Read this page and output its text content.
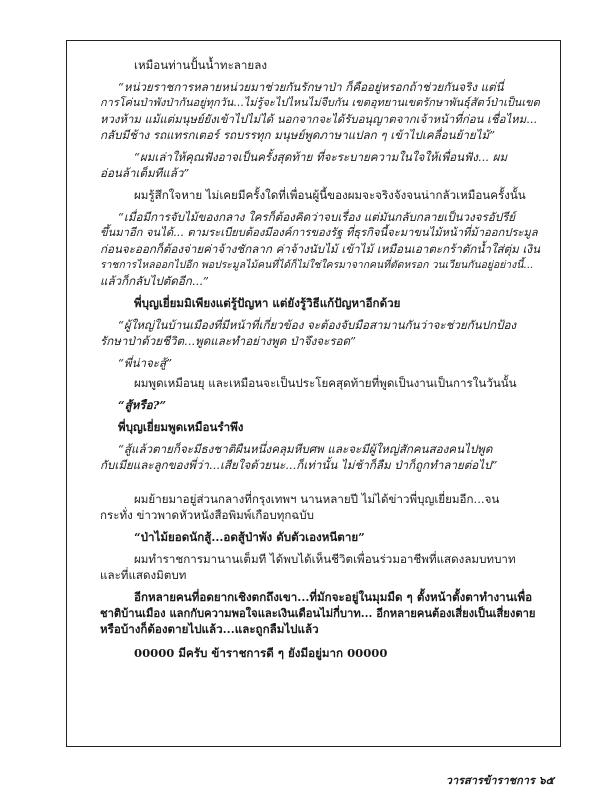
เหมือนท่านปั้นน้ำทะลายลง
“หน่วยราชการหลายหน่วยมาช่วยกันรักษาป่า ก็คืออยู่หรอกถ้าช่วยกันจริง แต่นี่
การโค่นป่าพังป่ากันอยู่ทุกวัน...ไม่รู้จะไปไหนไม่จีบกัน เขตอุทยานเขตรักษาพันธุ์สัตว์ป่าเป็นเขต
หวงห้าม แม้แต่มนุษย์ยังเข้าไปไม่ได้ นอกจากจะได้รับอนุญาตจากเจ้าหน้าที่ก่อน เชื่อไหม...
กลับมีช้าง รถแทรกเตอร์ รถบรรทุก มนุษย์พูดภาษาแปลก ๆ เข้าไปเคลื่อนย้ายไม้”
“ผมเล่าให้คุณฟังอาจเป็นครั้งสุดท้าย ที่จะระบายความในใจให้เพื่อนฟัง... ผม
อ่อนล้าเต็มทีแล้ว”
ผมรู้สึกใจหาย ไม่เคยมีครั้งใดที่เพื่อนผู้นี้ของผมจะจริงจังจนน่ากลัวเหมือนครั้งนั้น
“เมื่อมีการจับไม้ของกลาง ใครก็ต้องคิดว่าจบเรื่อง แต่มันกลับกลายเป็นวงจรอัปรีย์
ขึ้นมาอีก จนได้... ตามระเบียบต้องมีองค์การของรัฐ ที่ธุรกิจนี้จะมาขนไม้หน้าที่ม้าออกประมูล
ก่อนจะออกก็ต้องจ่ายค่าจ้างชักลาก ค่าจ้างนับไม้ เข้าไม้ เหมือนเอาตะกร้าตักน้ำใส่ตุ่ม เงิน
ราชการไหลออกไปอีก พอประมูลไม้คนที่ได้ก็ไม่ใช่ใครมาจากคนที่ตัดหรอก วนเวียนกันอยู่อย่างนี้...
แล้วก็กลับไปตัดอีก...”
พี่บุญเยี่ยมมิเพียงแต่รู้ปัญหา แต่ยังรู้วิธีแก้ปัญหาอีกด้วย
“ผู้ใหญ่ในบ้านเมืองที่มีหน้าที่เกี่ยวข้อง จะต้องจับมือสามานกันว่าจะช่วยกันปกป้อง
รักษาป่าด้วยชีวิต...พูดและทำอย่างพูด ป่าจึงจะรอด”
“พี่น่าจะสู้”
ผมพูดเหมือนยุ และเหมือนจะเป็นประโยคสุดท้ายที่พูดเป็นงานเป็นการในวันนั้น
“สู้หรือ?”
พี่บุญเยี่ยมพูดเหมือนรำพึง
“สู้แล้วตายก็จะมีธงชาติผืนหนึ่งคลุมหีบศพ และจะมีผู้ใหญ่สักคนสองคนไปพูด
กับเมียและลูกของพี่ว่า...เสียใจด้วยนะ...ก็เท่านั้น ไม่ช้าก็ลืม ป่าก็ถูกทำลายต่อไป”
ผมย้ายมาอยู่ส่วนกลางที่กรุงเทพฯ นานหลายปี ไม่ได้ข่าวพี่บุญเยี่ยมอีก...จน
กระทั่ง ข่าวพาดหัวหนังสือพิมพ์เกือบทุกฉบับ
“ป่าไม้ยอดนักสู้...อดสู้ป่าพัง ดับตัวเองหนีตาย”
ผมทำราชการมานานเต็มที ได้พบได้เห็นชีวิตเพื่อนร่วมอาชีพที่แสดงลมบทบาท
และที่แสดงมิตบท
อีกหลายคนที่อดยากเชิงตกถึงเขา...ที่มักจะอยู่ในมุมมืด ๆ ตั้งหน้าตั้งตาทำงานเพื่อ
ชาติบ้านเมือง แลกกับความพอใจและเงินเดือนไม่กี่บาท... อีกหลายคนต้องเสี่ยงเป็นเสี่ยงตาย
หรือบ้างก็ต้องตายไปแล้ว...และถูกลืมไปแล้ว
00000 มีครับ ข้าราชการดี ๆ ยังมีอยู่มาก 00000
วารสารข้าราชการ ๖๕
